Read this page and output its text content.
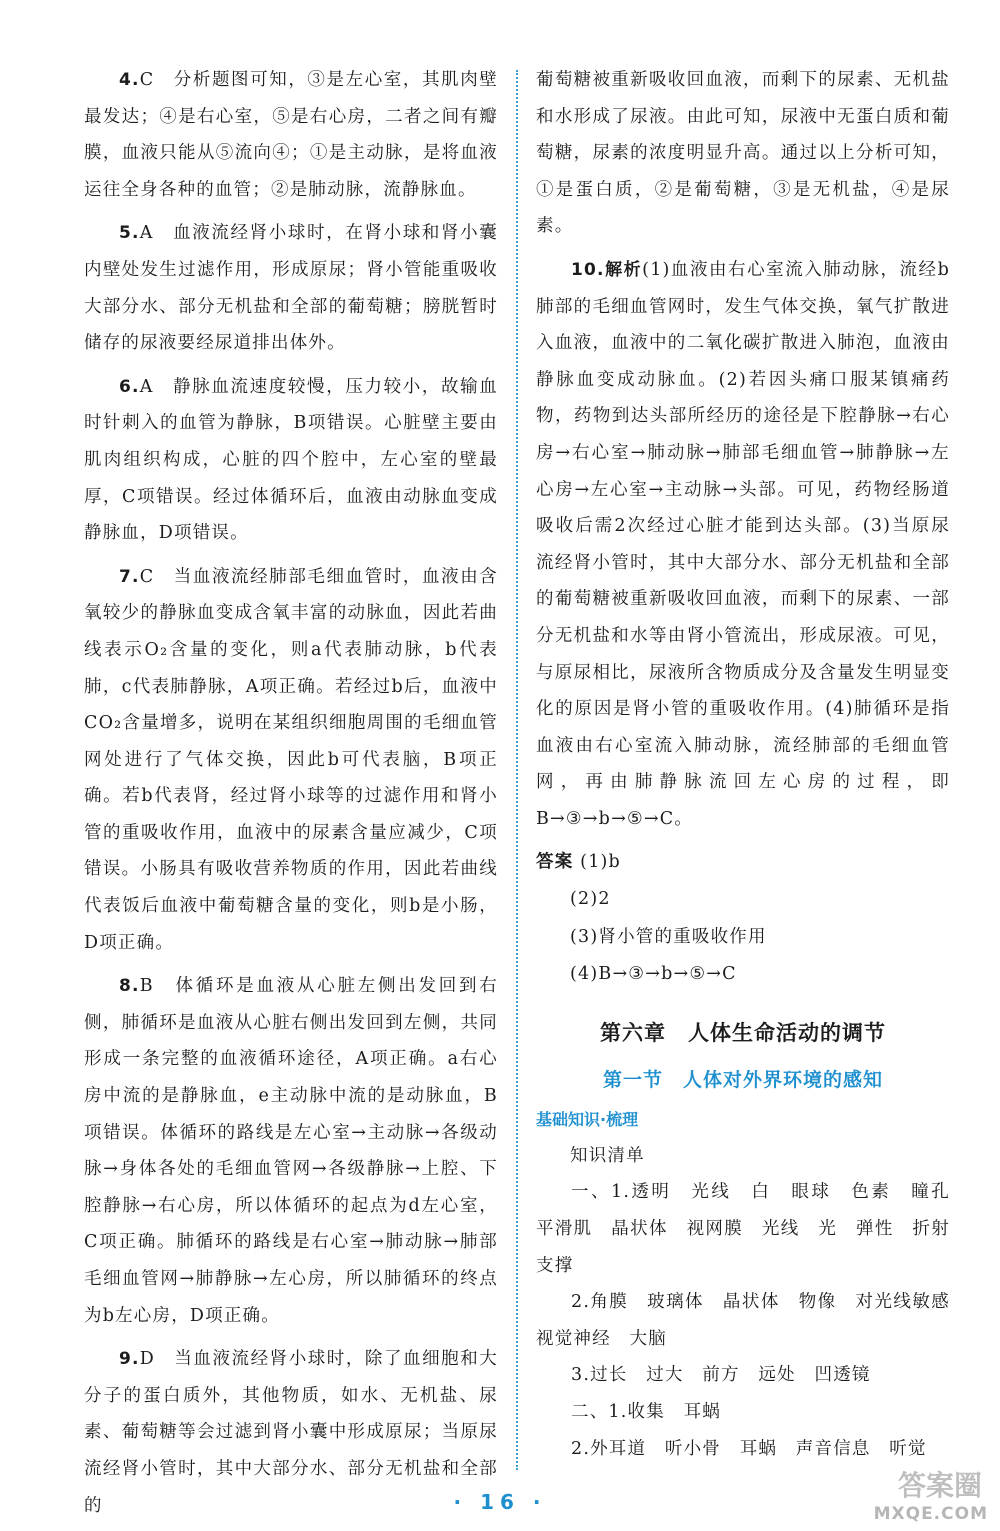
4.C　分析题图可知，③是左心室，其肌肉壁最发达；④是右心室，⑤是右心房，二者之间有瓣膜，血液只能从⑤流向④；①是主动脉，是将血液运往全身各种的血管；②是肺动脉，流静脉血。

5.A　血液流经肾小球时，在肾小球和肾小囊内壁处发生过滤作用，形成原尿；肾小管能重吸收大部分水、部分无机盐和全部的葡萄糖；膀胱暂时储存的尿液要经尿道排出体外。

6.A　静脉血流速度较慢，压力较小，故输血时针刺入的血管为静脉，B项错误。心脏壁主要由肌肉组织构成，心脏的四个腔中，左心室的壁最厚，C项错误。经过体循环后，血液由动脉血变成静脉血，D项错误。

7.C　当血液流经肺部毛细血管时，血液由含氧较少的静脉血变成含氧丰富的动脉血，因此若曲线表示O₂含量的变化，则a代表肺动脉，b代表肺，c代表肺静脉，A项正确。若经过b后，血液中CO₂含量增多，说明在某组织细胞周围的毛细血管网处进行了气体交换，因此b可代表脑，B项正确。若b代表肾，经过肾小球等的过滤作用和肾小管的重吸收作用，血液中的尿素含量应减少，C项错误。小肠具有吸收营养物质的作用，因此若曲线代表饭后血液中葡萄糖含量的变化，则b是小肠，D项正确。

8.B　体循环是血液从心脏左侧出发回到右侧，肺循环是血液从心脏右侧出发回到左侧，共同形成一条完整的血液循环途径，A项正确。a右心房中流的是静脉血，e主动脉中流的是动脉血，B项错误。体循环的路线是左心室→主动脉→各级动脉→身体各处的毛细血管网→各级静脉→上腔、下腔静脉→右心房，所以体循环的起点为d左心室，C项正确。肺循环的路线是右心室→肺动脉→肺部毛细血管网→肺静脉→左心房，所以肺循环的终点为b左心房，D项正确。

9.D　当血液流经肾小球时，除了血细胞和大分子的蛋白质外，其他物质，如水、无机盐、尿素、葡萄糖等会过滤到肾小囊中形成原尿；当原尿流经肾小管时，其中大部分水、部分无机盐和全部的

葡萄糖被重新吸收回血液，而剩下的尿素、无机盐和水形成了尿液。由此可知，尿液中无蛋白质和葡萄糖，尿素的浓度明显升高。通过以上分析可知，①是蛋白质，②是葡萄糖，③是无机盐，④是尿素。

10.解析(1)血液由右心室流入肺动脉，流经b肺部的毛细血管网时，发生气体交换，氧气扩散进入血液，血液中的二氧化碳扩散进入肺泡，血液由静脉血变成动脉血。(2)若因头痛口服某镇痛药物，药物到达头部所经历的途径是下腔静脉→右心房→右心室→肺动脉→肺部毛细血管→肺静脉→左心房→左心室→主动脉→头部。可见，药物经肠道吸收后需2次经过心脏才能到达头部。(3)当原尿流经肾小管时，其中大部分水、部分无机盐和全部的葡萄糖被重新吸收回血液，而剩下的尿素、一部分无机盐和水等由肾小管流出，形成尿液。可见，与原尿相比，尿液所含物质成分及含量发生明显变化的原因是肾小管的重吸收作用。(4)肺循环是指血液由右心室流入肺动脉，流经肺部的毛细血管网，再由肺静脉流回左心房的过程，即B→③→b→⑤→C。

答案 (1)b

(2)2

(3)肾小管的重吸收作用

(4)B→③→b→⑤→C

第六章　人体生命活动的调节
第一节　人体对外界环境的感知
基础知识·梳理

知识清单

一、1.透明　光线　白　眼球　色素　瞳孔　平滑肌　晶状体　视网膜　光线　光　弹性　折射　支撑

2.角膜　玻璃体　晶状体　物像　对光线敏感　视觉神经　大脑

3.过长　过大　前方　远处　凹透镜

二、1.收集　耳蜗

2.外耳道　听小骨　耳蜗　声音信息　听觉

· 16 ·	答案圈
MXQE.COM
